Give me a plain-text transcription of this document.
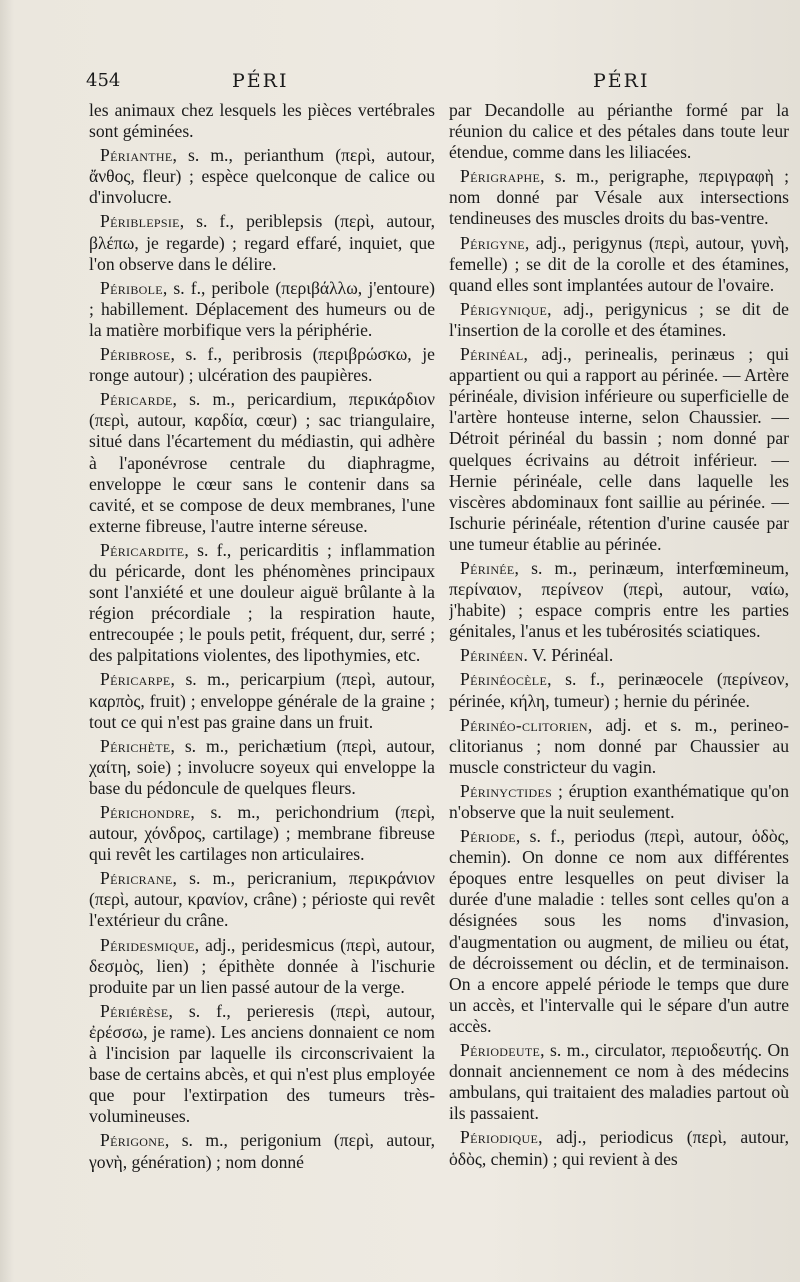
454	PÉRI	PÉRI

les animaux chez lesquels les pièces vertébrales sont géminées.

Périanthe, s. m., perianthum (περὶ, autour, ἄνθος, fleur) ; espèce quelconque de calice ou d'involucre.

Périblepsie, s. f., periblepsis (περὶ, autour, βλέπω, je regarde) ; regard effaré, inquiet, que l'on observe dans le délire.

Péribole, s. f., peribole (περιβάλλω, j'entoure) ; habillement. Déplacement des humeurs ou de la matière morbifique vers la périphérie.

Péribrose, s. f., peribrosis (περιβρώσκω, je ronge autour) ; ulcération des paupières.

Péricarde, s. m., pericardium, περικάρδιον (περὶ, autour, καρδία, cœur) ; sac triangulaire, situé dans l'écartement du médiastin, qui adhère à l'aponévrose centrale du diaphragme, enveloppe le cœur sans le contenir dans sa cavité, et se compose de deux membranes, l'une externe fibreuse, l'autre interne séreuse.

Péricardite, s. f., pericarditis ; inflammation du péricarde, dont les phénomènes principaux sont l'anxiété et une douleur aiguë brûlante à la région précordiale ; la respiration haute, entrecoupée ; le pouls petit, fréquent, dur, serré ; des palpitations violentes, des lipothymies, etc.

Péricarpe, s. m., pericarpium (περὶ, autour, καρπὸς, fruit) ; enveloppe générale de la graine ; tout ce qui n'est pas graine dans un fruit.

Périchète, s. m., perichætium (περὶ, autour, χαίτη, soie) ; involucre soyeux qui enveloppe la base du pédoncule de quelques fleurs.

Périchondre, s. m., perichondrium (περὶ, autour, χόνδρος, cartilage) ; membrane fibreuse qui revêt les cartilages non articulaires.

Péricrane, s. m., pericranium, περικράνιον (περὶ, autour, κρανίον, crâne) ; périoste qui revêt l'extérieur du crâne.

Péridesmique, adj., peridesmicus (περὶ, autour, δεσμὸς, lien) ; épithète donnée à l'ischurie produite par un lien passé autour de la verge.

Périérèse, s. f., perieresis (περὶ, autour, ἐρέσσω, je rame). Les anciens donnaient ce nom à l'incision par laquelle ils circonscrivaient la base de certains abcès, et qui n'est plus employée que pour l'extirpation des tumeurs très-volumineuses.

Périgone, s. m., perigonium (περὶ, autour, γονὴ, génération) ; nom donné

par Decandolle au périanthe formé par la réunion du calice et des pétales dans toute leur étendue, comme dans les liliacées.

Périgraphe, s. m., perigraphe, περιγραφὴ ; nom donné par Vésale aux intersections tendineuses des muscles droits du bas-ventre.

Périgyne, adj., perigynus (περὶ, autour, γυνὴ, femelle) ; se dit de la corolle et des étamines, quand elles sont implantées autour de l'ovaire.

Périgynique, adj., perigynicus ; se dit de l'insertion de la corolle et des étamines.

Périnéal, adj., perinealis, perinæus ; qui appartient ou qui a rapport au périnée. — Artère périnéale, division inférieure ou superficielle de l'artère honteuse interne, selon Chaussier. — Détroit périnéal du bassin ; nom donné par quelques écrivains au détroit inférieur. — Hernie périnéale, celle dans laquelle les viscères abdominaux font saillie au périnée. — Ischurie périnéale, rétention d'urine causée par une tumeur établie au périnée.

Périnée, s. m., perinæum, interfœmineum, περίναιον, περίνεον (περὶ, autour, ναίω, j'habite) ; espace compris entre les parties génitales, l'anus et les tubérosités sciatiques.

Périnéen. V. Périnéal.

Périnéocèle, s. f., perinæocele (περίνεον, périnée, κήλη, tumeur) ; hernie du périnée.

Périnéo-clitorien, adj. et s. m., perineo-clitorianus ; nom donné par Chaussier au muscle constricteur du vagin.

Périnyctides ; éruption exanthématique qu'on n'observe que la nuit seulement.

Période, s. f., periodus (περὶ, autour, ὁδὸς, chemin). On donne ce nom aux différentes époques entre lesquelles on peut diviser la durée d'une maladie : telles sont celles qu'on a désignées sous les noms d'invasion, d'augmentation ou augment, de milieu ou état, de décroissement ou déclin, et de terminaison. On a encore appelé période le temps que dure un accès, et l'intervalle qui le sépare d'un autre accès.

Périodeute, s. m., circulator, περιοδευτής. On donnait anciennement ce nom à des médecins ambulans, qui traitaient des maladies partout où ils passaient.

Périodique, adj., periodicus (περὶ, autour, ὁδὸς, chemin) ; qui revient à des
